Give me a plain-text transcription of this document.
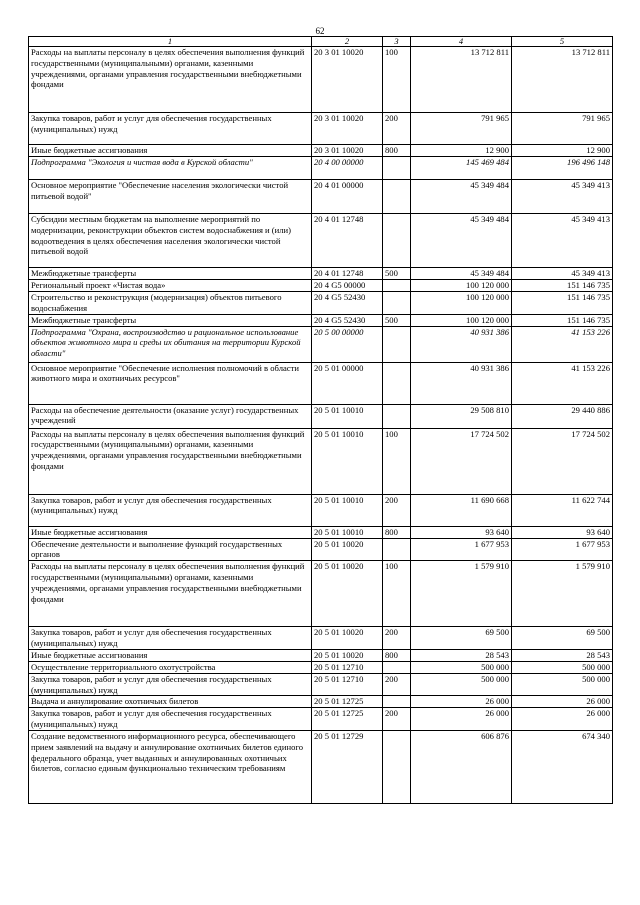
62
1	2	3	4	5
Расходы на выплаты персоналу в целях обеспечения выполнения функций государственными (муниципальными) органами, казенными учреждениями, органами управления государственными внебюджетными фондами	20 3 01 10020	100	13 712 811	13 712 811
Закупка товаров, работ и услуг для обеспечения государственных (муниципальных) нужд	20 3 01 10020	200	791 965	791 965
Иные бюджетные ассигнования	20 3 01 10020	800	12 900	12 900
Подпрограмма "Экология и чистая вода в Курской области"	20 4 00 00000		145 469 484	196 496 148
Основное мероприятие "Обеспечение населения экологически чистой питьевой водой"	20 4 01 00000		45 349 484	45 349 413
Субсидии местным бюджетам на выполнение мероприятий по модернизации, реконструкции объектов систем водоснабжения и (или) водоотведения в целях обеспечения населения экологически чистой питьевой водой	20 4 01 12748		45 349 484	45 349 413
Межбюджетные трансферты	20 4 01 12748	500	45 349 484	45 349 413
Региональный проект «Чистая вода»	20 4 G5 00000		100 120 000	151 146 735
Строительство и реконструкция (модернизация) объектов питьевого водоснабжения	20 4 G5 52430		100 120 000	151 146 735
Межбюджетные трансферты	20 4 G5 52430	500	100 120 000	151 146 735
Подпрограмма "Охрана, воспроизводство и рациональное использование объектов животного мира и среды их обитания на территории Курской области"	20 5 00 00000		40 931 386	41 153 226
Основное мероприятие "Обеспечение исполнения полномочий в области животного мира и охотничьих ресурсов"	20 5 01 00000		40 931 386	41 153 226
Расходы на обеспечение деятельности (оказание услуг) государственных учреждений	20 5 01 10010		29 508 810	29 440 886
Расходы на выплаты персоналу в целях обеспечения выполнения функций государственными (муниципальными) органами, казенными учреждениями, органами управления государственными внебюджетными фондами	20 5 01 10010	100	17 724 502	17 724 502
Закупка товаров, работ и услуг для обеспечения государственных (муниципальных) нужд	20 5 01 10010	200	11 690 668	11 622 744
Иные бюджетные ассигнования	20 5 01 10010	800	93 640	93 640
Обеспечение деятельности и выполнение функций государственных органов	20 5 01 10020		1 677 953	1 677 953
Расходы на выплаты персоналу в целях обеспечения выполнения функций государственными (муниципальными) органами, казенными учреждениями, органами управления государственными внебюджетными фондами	20 5 01 10020	100	1 579 910	1 579 910
Закупка товаров, работ и услуг для обеспечения государственных (муниципальных) нужд	20 5 01 10020	200	69 500	69 500
Иные бюджетные ассигнования	20 5 01 10020	800	28 543	28 543
Осуществление территориального охотустройства	20 5 01 12710		500 000	500 000
Закупка товаров, работ и услуг для обеспечения государственных (муниципальных) нужд	20 5 01 12710	200	500 000	500 000
Выдача и аннулирование охотничьих билетов	20 5 01 12725		26 000	26 000
Закупка товаров, работ и услуг для обеспечения государственных (муниципальных) нужд	20 5 01 12725	200	26 000	26 000
Создание ведомственного информационного ресурса, обеспечивающего прием заявлений на выдачу и аннулирование охотничьих билетов единого федерального образца, учет выданных и аннулированных охотничьих билетов, согласно единым функционально техническим требованиям	20 5 01 12729		606 876	674 340
